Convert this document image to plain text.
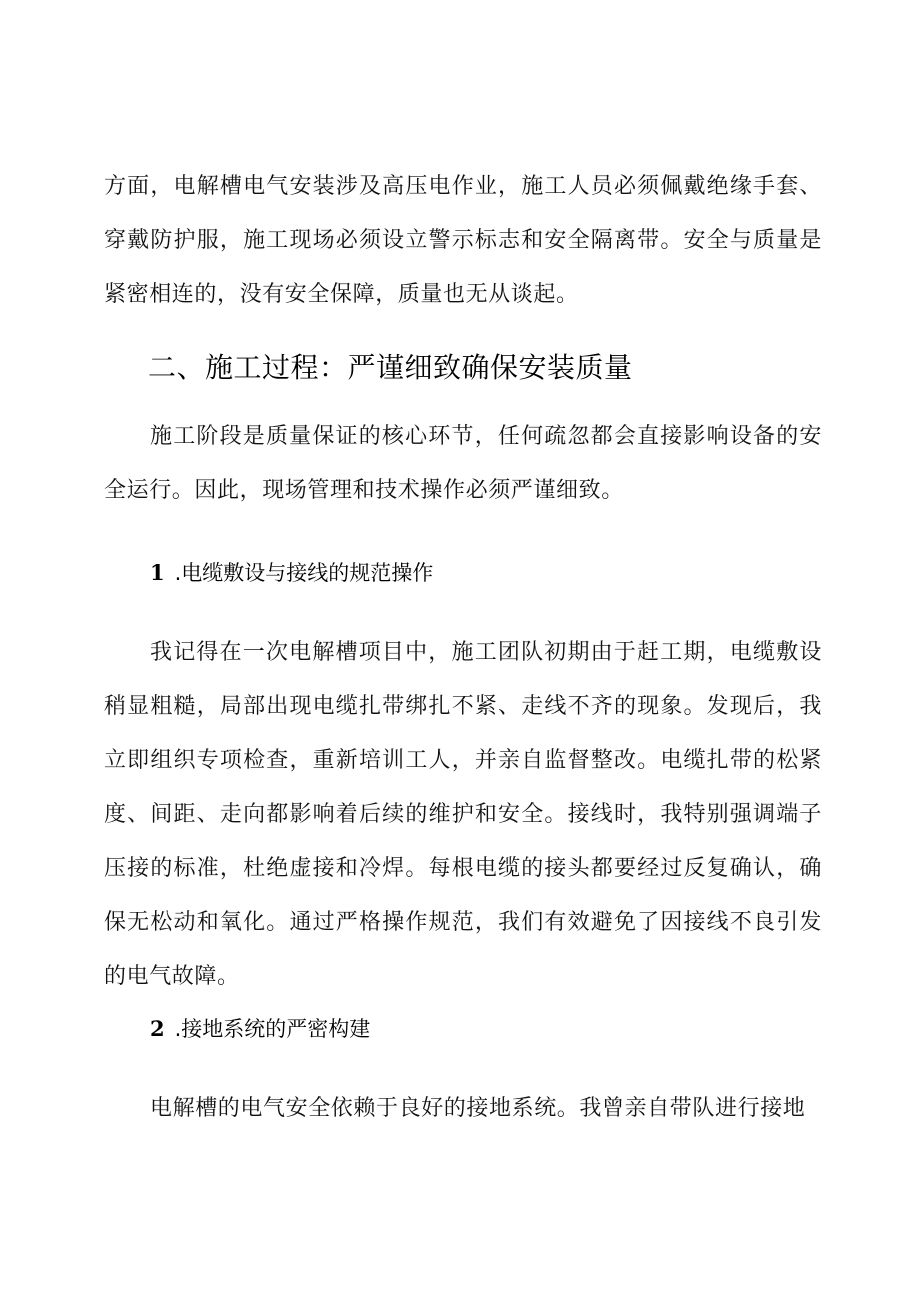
方面，电解槽电气安装涉及高压电作业，施工人员必须佩戴绝缘手套、穿戴防护服，施工现场必须设立警示标志和安全隔离带。安全与质量是紧密相连的，没有安全保障，质量也无从谈起。

二、施工过程：严谨细致确保安装质量

施工阶段是质量保证的核心环节，任何疏忽都会直接影响设备的安全运行。因此，现场管理和技术操作必须严谨细致。

1 .电缆敷设与接线的规范操作

我记得在一次电解槽项目中，施工团队初期由于赶工期，电缆敷设稍显粗糙，局部出现电缆扎带绑扎不紧、走线不齐的现象。发现后，我立即组织专项检查，重新培训工人，并亲自监督整改。电缆扎带的松紧度、间距、走向都影响着后续的维护和安全。接线时，我特别强调端子压接的标准，杜绝虚接和冷焊。每根电缆的接头都要经过反复确认，确保无松动和氧化。通过严格操作规范，我们有效避免了因接线不良引发的电气故障。

2 .接地系统的严密构建

电解槽的电气安全依赖于良好的接地系统。我曾亲自带队进行接地
